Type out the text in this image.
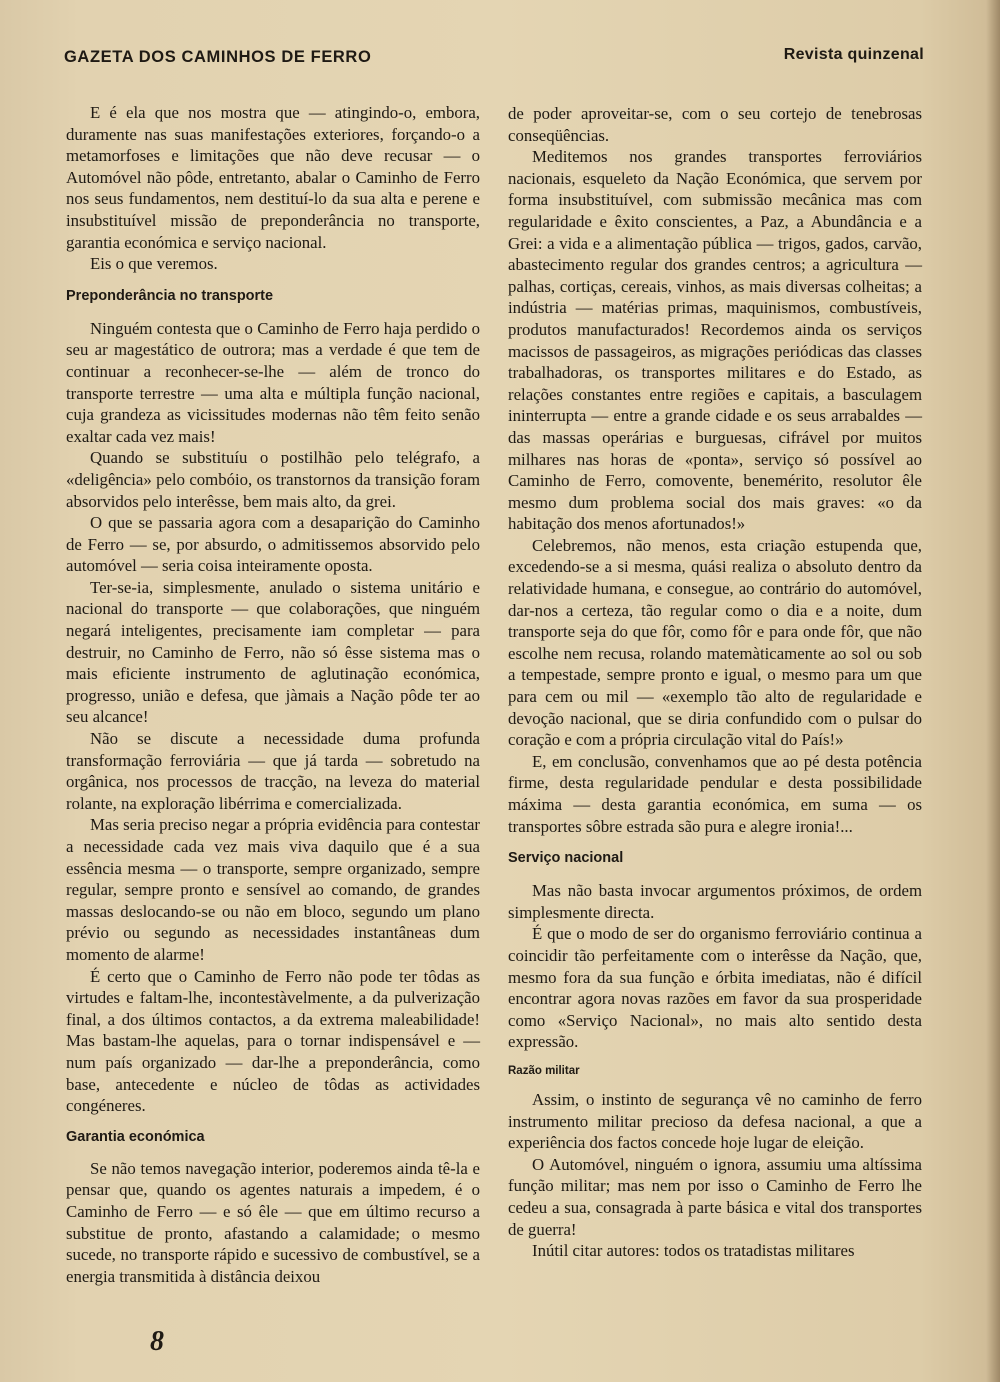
GAZETA DOS CAMINHOS DE FERRO	Revista quinzenal

E é ela que nos mostra que — atingindo-o, embora, duramente nas suas manifestações exteriores, forçando-o a metamorfoses e limitações que não deve recusar — o Automóvel não pôde, entretanto, abalar o Caminho de Ferro nos seus fundamentos, nem destituí-lo da sua alta e perene e insubstituível missão de preponderância no transporte, garantia económica e serviço nacional.

Eis o que veremos.

Preponderância no transporte

Ninguém contesta que o Caminho de Ferro haja perdido o seu ar magestático de outrora; mas a verdade é que tem de continuar a reconhecer-se-lhe — além de tronco do transporte terrestre — uma alta e múltipla função nacional, cuja grandeza as vicissitudes modernas não têm feito senão exaltar cada vez mais!

Quando se substituíu o postilhão pelo telégrafo, a «deligência» pelo combóio, os transtornos da transição foram absorvidos pelo interêsse, bem mais alto, da grei.

O que se passaria agora com a desaparição do Caminho de Ferro — se, por absurdo, o admitissemos absorvido pelo automóvel — seria coisa inteiramente oposta.

Ter-se-ia, simplesmente, anulado o sistema unitário e nacional do transporte — que colaborações, que ninguém negará inteligentes, precisamente iam completar — para destruir, no Caminho de Ferro, não só êsse sistema mas o mais eficiente instrumento de aglutinação económica, progresso, união e defesa, que jàmais a Nação pôde ter ao seu alcance!

Não se discute a necessidade duma profunda transformação ferroviária — que já tarda — sobretudo na orgânica, nos processos de tracção, na leveza do material rolante, na exploração libérrima e comercializada.

Mas seria preciso negar a própria evidência para contestar a necessidade cada vez mais viva daquilo que é a sua essência mesma — o transporte, sempre organizado, sempre regular, sempre pronto e sensível ao comando, de grandes massas deslocando-se ou não em bloco, segundo um plano prévio ou segundo as necessidades instantâneas dum momento de alarme!

É certo que o Caminho de Ferro não pode ter tôdas as virtudes e faltam-lhe, incontestàvelmente, a da pulverização final, a dos últimos contactos, a da extrema maleabilidade! Mas bastam-lhe aquelas, para o tornar indispensável e — num país organizado — dar-lhe a preponderância, como base, antecedente e núcleo de tôdas as actividades congéneres.

Garantia económica

Se não temos navegação interior, poderemos ainda tê-la e pensar que, quando os agentes naturais a impedem, é o Caminho de Ferro — e só êle — que em último recurso a substitue de pronto, afastando a calamidade; o mesmo sucede, no transporte rápido e sucessivo de combustível, se a energia transmitida à distância deixou

de poder aproveitar-se, com o seu cortejo de tenebrosas conseqüências.

Meditemos nos grandes transportes ferroviários nacionais, esqueleto da Nação Económica, que servem por forma insubstituível, com submissão mecânica mas com regularidade e êxito conscientes, a Paz, a Abundância e a Grei: a vida e a alimentação pública — trigos, gados, carvão, abastecimento regular dos grandes centros; a agricultura — palhas, cortiças, cereais, vinhos, as mais diversas colheitas; a indústria — matérias primas, maquinismos, combustíveis, produtos manufacturados! Recordemos ainda os serviços macissos de passageiros, as migrações periódicas das classes trabalhadoras, os transportes militares e do Estado, as relações constantes entre regiões e capitais, a basculagem ininterrupta — entre a grande cidade e os seus arrabaldes — das massas operárias e burguesas, cifrável por muitos milhares nas horas de «ponta», serviço só possível ao Caminho de Ferro, comovente, benemérito, resolutor êle mesmo dum problema social dos mais graves: «o da habitação dos menos afortunados!»

Celebremos, não menos, esta criação estupenda que, excedendo-se a si mesma, quási realiza o absoluto dentro da relatividade humana, e consegue, ao contrário do automóvel, dar-nos a certeza, tão regular como o dia e a noite, dum transporte seja do que fôr, como fôr e para onde fôr, que não escolhe nem recusa, rolando matemàticamente ao sol ou sob a tempestade, sempre pronto e igual, o mesmo para um que para cem ou mil — «exemplo tão alto de regularidade e devoção nacional, que se diria confundido com o pulsar do coração e com a própria circulação vital do País!»

E, em conclusão, convenhamos que ao pé desta potência firme, desta regularidade pendular e desta possibilidade máxima — desta garantia económica, em suma — os transportes sôbre estrada são pura e alegre ironia!...

Serviço nacional

Mas não basta invocar argumentos próximos, de ordem simplesmente directa.

É que o modo de ser do organismo ferroviário continua a coincidir tão perfeitamente com o interêsse da Nação, que, mesmo fora da sua função e órbita imediatas, não é difícil encontrar agora novas razões em favor da sua prosperidade como «Serviço Nacional», no mais alto sentido desta expressão.

Razão militar

Assim, o instinto de segurança vê no caminho de ferro instrumento militar precioso da defesa nacional, a que a experiência dos factos concede hoje lugar de eleição.

O Automóvel, ninguém o ignora, assumiu uma altíssima função militar; mas nem por isso o Caminho de Ferro lhe cedeu a sua, consagrada à parte básica e vital dos transportes de guerra!

Inútil citar autores: todos os tratadistas militares

8
